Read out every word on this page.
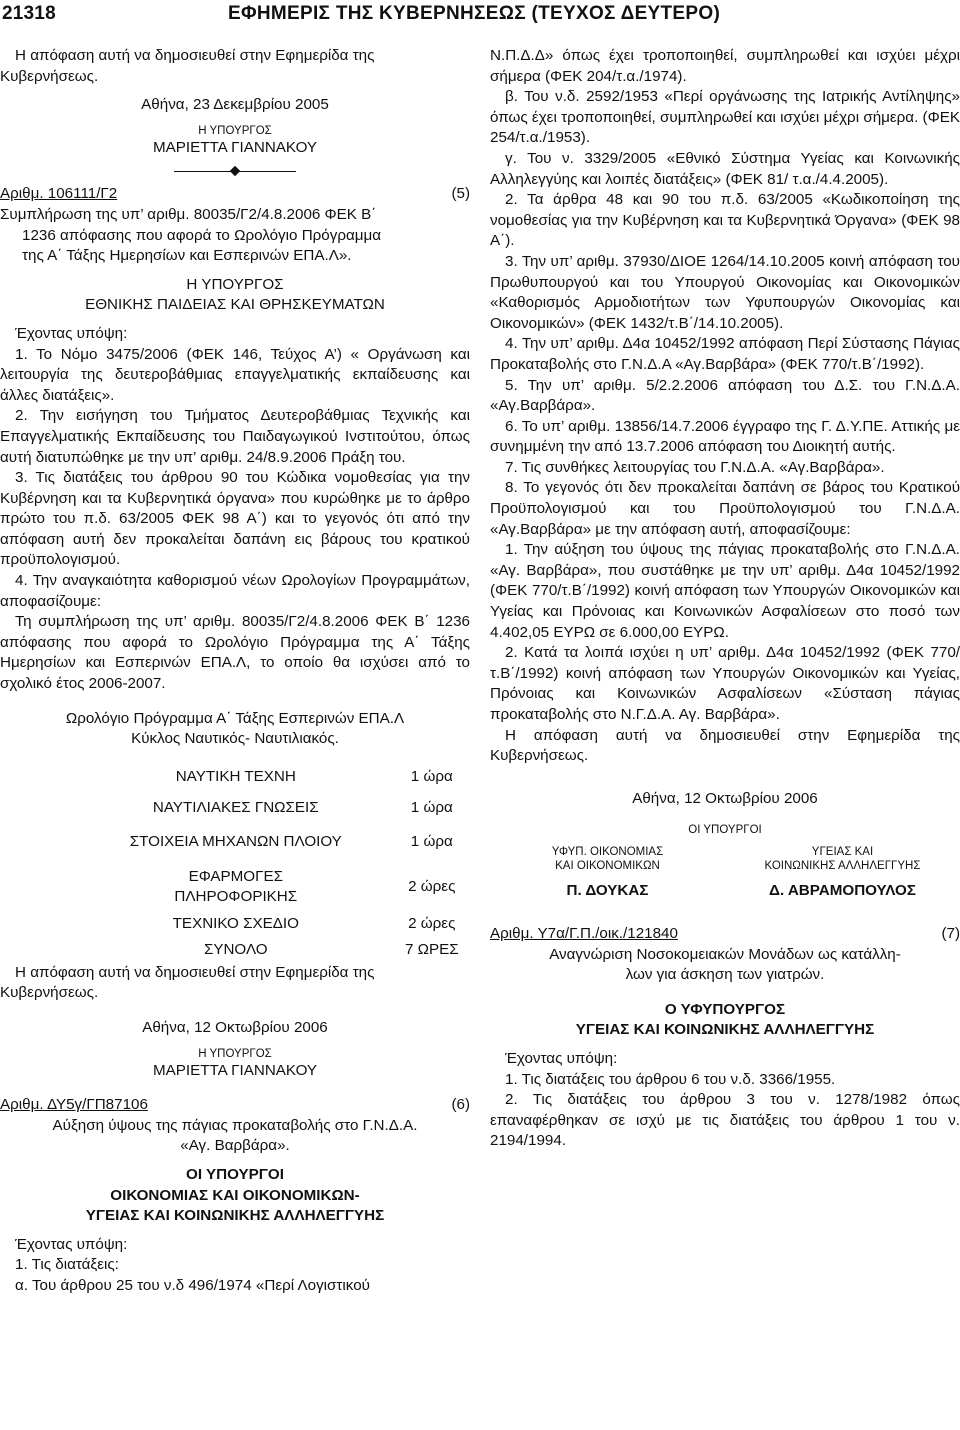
21318	ΕΦΗΜΕΡΙΣ ΤΗΣ ΚΥΒΕΡΝΗΣΕΩΣ (ΤΕΥΧΟΣ ΔΕΥΤΕΡΟ)

Η απόφαση αυτή να δημοσιευθεί στην Εφημερίδα της
Κυβερνήσεως.

Αθήνα, 23 Δεκεμβρίου 2005

Η ΥΠΟΥΡΓΟΣ

ΜΑΡΙΕΤΤΑ ΓΙΑΝΝΑΚΟΥ

Αριθμ. 106111/Γ2	(5)

Συμπλήρωση της υπ’ αριθμ. 80035/Γ2/4.8.2006 ΦΕΚ Β΄
1236 απόφασης που αφορά το Ωρολόγιο Πρόγραμμα
της Α΄ Τάξης Ημερησίων και Εσπερινών ΕΠΑ.Λ».

Η ΥΠΟΥΡΓΟΣ

ΕΘΝΙΚΗΣ ΠΑΙΔΕΙΑΣ ΚΑΙ ΘΡΗΣΚΕΥΜΑΤΩΝ

Έχοντας υπόψη:

1. Το Νόμο 3475/2006 (ΦΕΚ 146, Τεύχος Α’) « Οργάνωση και λειτουργία της δευτεροβάθμιας επαγγελματικής εκπαίδευσης και άλλες διατάξεις».

2. Την εισήγηση του Τμήματος Δευτεροβάθμιας Τεχνικής και Επαγγελματικής Εκπαίδευσης του Παιδαγωγικού Ινστιτούτου, όπως αυτή διατυπώθηκε με την υπ’ αριθμ. 24/8.9.2006 Πράξη του.

3. Τις διατάξεις του άρθρου 90 του Κώδικα νομοθεσίας για την Κυβέρνηση και τα Κυβερνητικά όργανα» που κυρώθηκε με το άρθρο πρώτο του π.δ. 63/2005 ΦΕΚ 98 Α΄) και το γεγονός ότι από την απόφαση αυτή δεν προκαλείται δαπάνη εις βάρους του κρατικού προϋπολογισμού.

4. Την αναγκαιότητα καθορισμού νέων Ωρολογίων Προγραμμάτων, αποφασίζουμε:

Τη συμπλήρωση της υπ’ αριθμ. 80035/Γ2/4.8.2006 ΦΕΚ Β΄ 1236 απόφασης που αφορά το Ωρολόγιο Πρόγραμμα της Α΄ Τάξης Ημερησίων και Εσπερινών ΕΠΑ.Λ, το οποίο θα ισχύσει από το σχολικό έτος 2006-2007.

Ωρολόγιο Πρόγραμμα Α΄ Τάξης Εσπερινών ΕΠΑ.Λ

Κύκλος Ναυτικός- Ναυτιλιακός.

ΝΑΥΤΙΚΗ ΤΕΧΝΗ	1 ώρα
ΝΑΥΤΙΛΙΑΚΕΣ ΓΝΩΣΕΙΣ	1 ώρα
ΣΤΟΙΧΕΙΑ ΜΗΧΑΝΩΝ ΠΛΟΙΟΥ	1 ώρα
ΕΦΑΡΜΟΓΕΣ ΠΛΗΡΟΦΟΡΙΚΗΣ	2 ώρες
ΤΕΧΝΙΚΟ ΣΧΕΔΙΟ	2 ώρες
ΣΥΝΟΛΟ	7 ΩΡΕΣ

Η απόφαση αυτή να δημοσιευθεί στην Εφημερίδα της
Κυβερνήσεως.

Αθήνα, 12 Οκτωβρίου 2006

Η ΥΠΟΥΡΓΟΣ

ΜΑΡΙΕΤΤΑ ΓΙΑΝΝΑΚΟΥ

Αριθμ. ΔΥ5γ/ΓΠ87106	(6)

Αύξηση ύψους της πάγιας προκαταβολής στο Γ.Ν.Δ.Α.
«Αγ. Βαρβάρα».

ΟΙ ΥΠΟΥΡΓΟΙ

ΟΙΚΟΝΟΜΙΑΣ ΚΑΙ ΟΙΚΟΝΟΜΙΚΩΝ-

ΥΓΕΙΑΣ ΚΑΙ ΚΟΙΝΩΝΙΚΗΣ ΑΛΛΗΛΕΓΓΥΗΣ

Έχοντας υπόψη:

1. Τις διατάξεις:

α. Του άρθρου 25 του ν.δ 496/1974 «Περί Λογιστικού

Ν.Π.Δ.Δ» όπως έχει τροποποιηθεί, συμπληρωθεί και ισχύει μέχρι σήμερα (ΦΕΚ 204/τ.α./1974).

β. Του ν.δ. 2592/1953 «Περί οργάνωσης της Ιατρικής Αντίληψης» όπως έχει τροποποιηθεί, συμπληρωθεί και ισχύει μέχρι σήμερα. (ΦΕΚ 254/τ.α./1953).

γ. Του ν. 3329/2005 «Εθνικό Σύστημα Υγείας και Κοινωνικής Αλληλεγγύης και λοιπές διατάξεις» (ΦΕΚ 81/ τ.α./4.4.2005).

2. Τα άρθρα 48 και 90 του π.δ. 63/2005 «Κωδικοποίηση της νομοθεσίας για την Κυβέρνηση και τα Κυβερνητικά Όργανα» (ΦΕΚ 98 Α΄).

3. Την υπ’ αριθμ. 37930/ΔΙΟΕ 1264/14.10.2005 κοινή απόφαση του Πρωθυπουργού και του Υπουργού Οικονομίας και Οικονομικών «Καθορισμός Αρμοδιοτήτων των Υφυπουργών Οικονομίας και Οικονομικών» (ΦΕΚ 1432/τ.Β΄/14.10.2005).

4. Την υπ’ αριθμ. Δ4α 10452/1992 απόφαση Περί Σύστασης Πάγιας Προκαταβολής στο Γ.Ν.Δ.Α «Αγ.Βαρβάρα» (ΦΕΚ 770/τ.Β΄/1992).

5. Την υπ’ αριθμ. 5/2.2.2006 απόφαση του Δ.Σ. του Γ.Ν.Δ.Α. «Αγ.Βαρβάρα».

6. Το υπ’ αριθμ. 13856/14.7.2006 έγγραφο της Γ. Δ.Υ.ΠΕ. Αττικής με συνημμένη την από 13.7.2006 απόφαση του Διοικητή αυτής.

7. Τις συνθήκες λειτουργίας του Γ.Ν.Δ.Α. «Αγ.Βαρβάρα».

8. Το γεγονός ότι δεν προκαλείται δαπάνη σε βάρος του Κρατικού Προϋπολογισμού και του Προϋπολογισμού του Γ.Ν.Δ.Α. «Αγ.Βαρβάρα» με την απόφαση αυτή, αποφασίζουμε:

1. Την αύξηση του ύψους της πάγιας προκαταβολής στο Γ.Ν.Δ.Α. «Αγ. Βαρβάρα», που συστάθηκε με την υπ’ αριθμ. Δ4α 10452/1992 (ΦΕΚ 770/τ.Β΄/1992) κοινή απόφαση των Υπουργών Οικονομικών και Υγείας και Πρόνοιας και Κοινωνικών Ασφαλίσεων στο ποσό των 4.402,05 ΕΥΡΩ σε 6.000,00 ΕΥΡΩ.

2. Κατά τα λοιπά ισχύει η υπ’ αριθμ. Δ4α 10452/1992 (ΦΕΚ 770/τ.Β΄/1992) κοινή απόφαση των Υπουργών Οικονομικών και Υγείας, Πρόνοιας και Κοινωνικών Ασφαλίσεων «Σύσταση πάγιας προκαταβολής στο Ν.Γ.Δ.Α. Αγ. Βαρβάρα».

Η απόφαση αυτή να δημοσιευθεί στην Εφημερίδα της Κυβερνήσεως.

Αθήνα, 12 Οκτωβρίου 2006

ΟΙ ΥΠΟΥΡΓΟΙ

ΥΦΥΠ. ΟΙΚΟΝΟΜΙΑΣ

ΚΑΙ ΟΙΚΟΝΟΜΙΚΩΝ

Π. ΔΟΥΚΑΣ

ΥΓΕΙΑΣ ΚΑΙ

ΚΟΙΝΩΝΙΚΗΣ ΑΛΛΗΛΕΓΓΥΗΣ

Δ. ΑΒΡΑΜΟΠΟΥΛΟΣ

Αριθμ. Υ7α/Γ.Π./οικ./121840	(7)

Αναγνώριση Νοσοκομειακών Μονάδων ως κατάλλη-
λων για άσκηση των γιατρών.

Ο ΥΦΥΠΟΥΡΓΟΣ

ΥΓΕΙΑΣ ΚΑΙ ΚΟΙΝΩΝΙΚΗΣ ΑΛΛΗΛΕΓΓΥΗΣ

Έχοντας υπόψη:

1. Τις διατάξεις του άρθρου 6 του ν.δ. 3366/1955.

2. Τις διατάξεις του άρθρου 3 του ν. 1278/1982 όπως επαναφέρθηκαν σε ισχύ με τις διατάξεις του άρθρου 1 του ν. 2194/1994.
